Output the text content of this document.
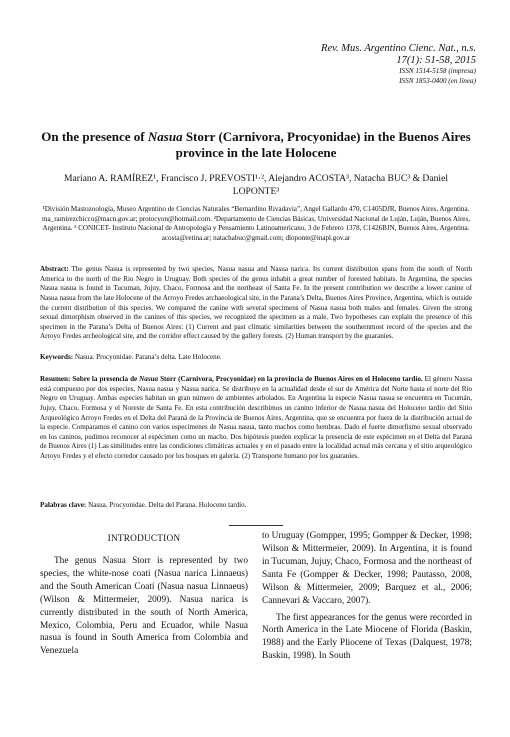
Rev. Mus. Argentino Cienc. Nat., n.s.
17(1): 51-58, 2015
ISSN 1514-5158 (impresa)
ISSN 1853-0400 (en línea)
On the presence of Nasua Storr (Carnivora, Procyonidae) in the Buenos Aires province in the late Holocene
Mariano A. RAMÍREZ¹, Francisco J. PREVOSTI¹·², Alejandro ACOSTA³, Natacha BUC³ & Daniel LOPONTE³
¹División Mastozoología, Museo Argentino de Ciencias Naturales “Bernardino Rivadavia”, Angel Gallardo 470, C1405DJR, Buenos Aires, Argentina. ma_ramirezchicco@macn.gov.ar; protocyon@hotmail.com. ²Departamento de Ciencias Básicas, Universidad Nacional de Luján, Luján, Buenos Aires, Argentina. ³ CONICET- Instituto Nacional de Antropología y Pensamiento Latinoamericano, 3 de Febrero 1378, C1426BJN, Buenos Aires, Argentina. acosta@retina.ar; natachabuc@gmail.com; dloponte@inapl.gov.ar
Abstract: The genus Nasua is represented by two species, Nasua nasua and Nasua narica. Its current distribution spans from the south of North America to the north of the Rio Negro in Uruguay. Both species of the genus inhabit a great number of forested habitats. In Argentina, the species Nasua nasua is found in Tucuman, Jujuy, Chaco, Formosa and the northeast of Santa Fe. In the present contribution we describe a lower canine of Nasua nasua from the late Holocene of the Arroyo Fredes archaeological site, in the Parana’s Delta, Buenos Aires Province, Argentina, which is outside the current distribution of this species. We compared the canine with several specimens of Nasua nasua both males and females. Given the strong sexual dimorphism observed in the canines of this species, we recognized the specimen as a male. Two hypotheses can explain the presence of this specimen in the Parana’s Delta of Buenos Aires: (1) Current and past climatic similarities between the southernmost record of the species and the Arroyo Fredes archeological site, and the corridor effect caused by the gallery forests. (2) Human transport by the guaranies.
Keywords: Nasua. Procyonidae. Parana’s delta. Late Holocene.
Resumen: Sobre la presencia de Nasua Storr (Carnivora, Procyonidae) en la provincia de Buenos Aires en el Holoceno tardío. El género Nasua está compuesto por dos especies, Nasua nasua y Nasua narica. Se distribuye en la actualidad desde el sur de América del Norte hasta el norte del Rio Negro en Uruguay. Ambas especies habitan un gran número de ambientes arbolados. En Argentina la especie Nasua nasua se encuentra en Tucumán, Jujuy, Chaco, Formosa y el Noreste de Santa Fe. En esta contribución describimos un canino inferior de Nasua nasua del Holoceno tardío del Sitio Arqueológico Arroyo Fredes en el Delta del Paraná de la Provincia de Buenos Aires, Argentina, que se encuentra por fuera de la distribución actual de la especie. Comparamos el canino con varios especímenes de Nasua nasua, tanto machos como hembras. Dado el fuerte dimorfismo sexual observado en los caninos, pudimos reconocer al espécimen como un macho. Dos hipótesis pueden explicar la presencia de este espécimen en el Delta del Paraná de Buenos Aires (1) Las similitudes entre las condiciones climáticas actuales y en el pasado entre la localidad actual más cercana y el sitio arqueológico Arroyo Fredes y el efecto corredor causado por los bosques en galería. (2) Transporte humano por los guaraníes.
Palabras clave: Nasua. Procyonidae. Delta del Parana. Holoceno tardío.
INTRODUCTION

The genus Nasua Storr is represented by two species, the white-nose coati (Nasua narica Linnaeus) and the South American Coatí (Nasua nasua Linnaeus) (Wilson & Mittermeier, 2009). Nasua narica is currently distributed in the south of North America, Mexico, Colombia, Peru and Ecuador, while Nasua nasua is found in South America from Colombia and Venezuela

to Uruguay (Gompper, 1995; Gompper & Decker, 1998; Wilson & Mittermeier, 2009). In Argentina, it is found in Tucuman, Jujuy, Chaco, Formosa and the northeast of Santa Fe (Gompper & Decker, 1998; Pautasso, 2008, Wilson & Mittermeier, 2009; Barquez et al., 2006; Cannevari & Vaccaro, 2007).

The first appearances for the genus were recorded in North America in the Late Miocene of Florida (Baskin, 1988) and the Early Pliocene of Texas (Dalquest, 1978; Baskin, 1998). In South
